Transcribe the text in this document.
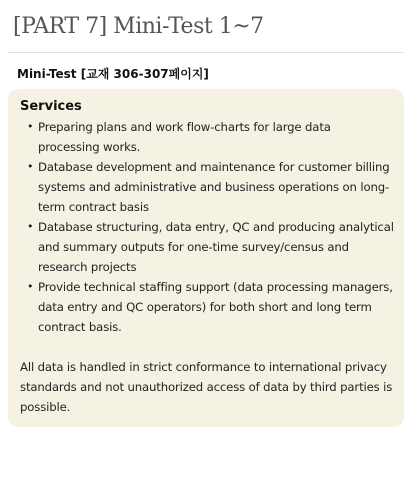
[PART 7] Mini-Test 1~7
Mini-Test [교재 306-307페이지]
Services
• Preparing plans and work flow-charts for large data processing works.
• Database development and maintenance for customer billing systems and administrative and business operations on long-term contract basis
• Database structuring, data entry, QC and producing analytical and summary outputs for one-time survey/census and research projects
• Provide technical staffing support (data processing managers, data entry and QC operators) for both short and long term contract basis.

All data is handled in strict conformance to international privacy standards and not unauthorized access of data by third parties is possible.
